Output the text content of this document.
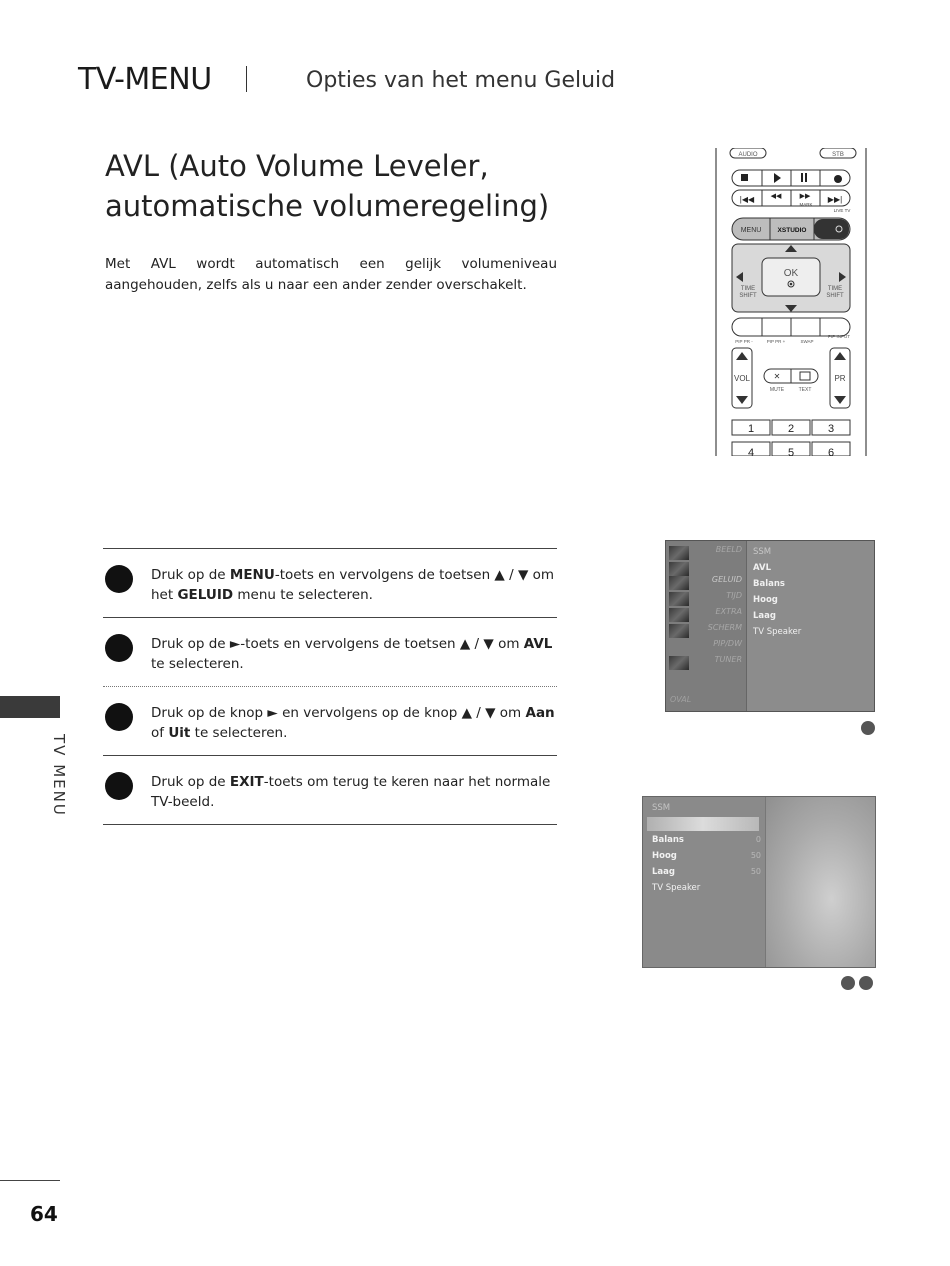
TV-MENU	Opties van het menu Geluid
AVL (Auto Volume Leveler,
automatische volumeregeling)
Met AVL wordt automatisch een gelijk volumeniveau aangehouden, zelfs als u naar een ander zender overschakelt.
Druk op de MENU-toets en vervolgens de toetsen ▲ / ▼ om het GELUID menu te selecteren.
Druk op de ►-toets en vervolgens de toetsen ▲ / ▼ om AVL te selecteren.
Druk op de knop ► en vervolgens op de knop ▲ / ▼ om Aan of Uit te selecteren.
Druk op de EXIT-toets om terug te keren naar het normale TV-beeld.
TV MENU
64
AUDIO	STB
|◀◀ ◀◀	▶▶ ▶▶|
MARK
LIVE TV
MENU XSTUDIO
OK
TIME
SHIFT
TIME
SHIFT
PIP PR -	PIP PR +	SWAP
PIP INPUT
VOL	PR
✕
MUTE	TEXT
1	2	3
4	5	6
BEELD
GELUID
TIJD
EXTRA
SCHERM
PIP/DW
TUNER
OVAL
SSM
AVL
Balans
Hoog
Laag
TV Speaker
SSM
Balans	0
Hoog	50
Laag	50
TV Speaker
